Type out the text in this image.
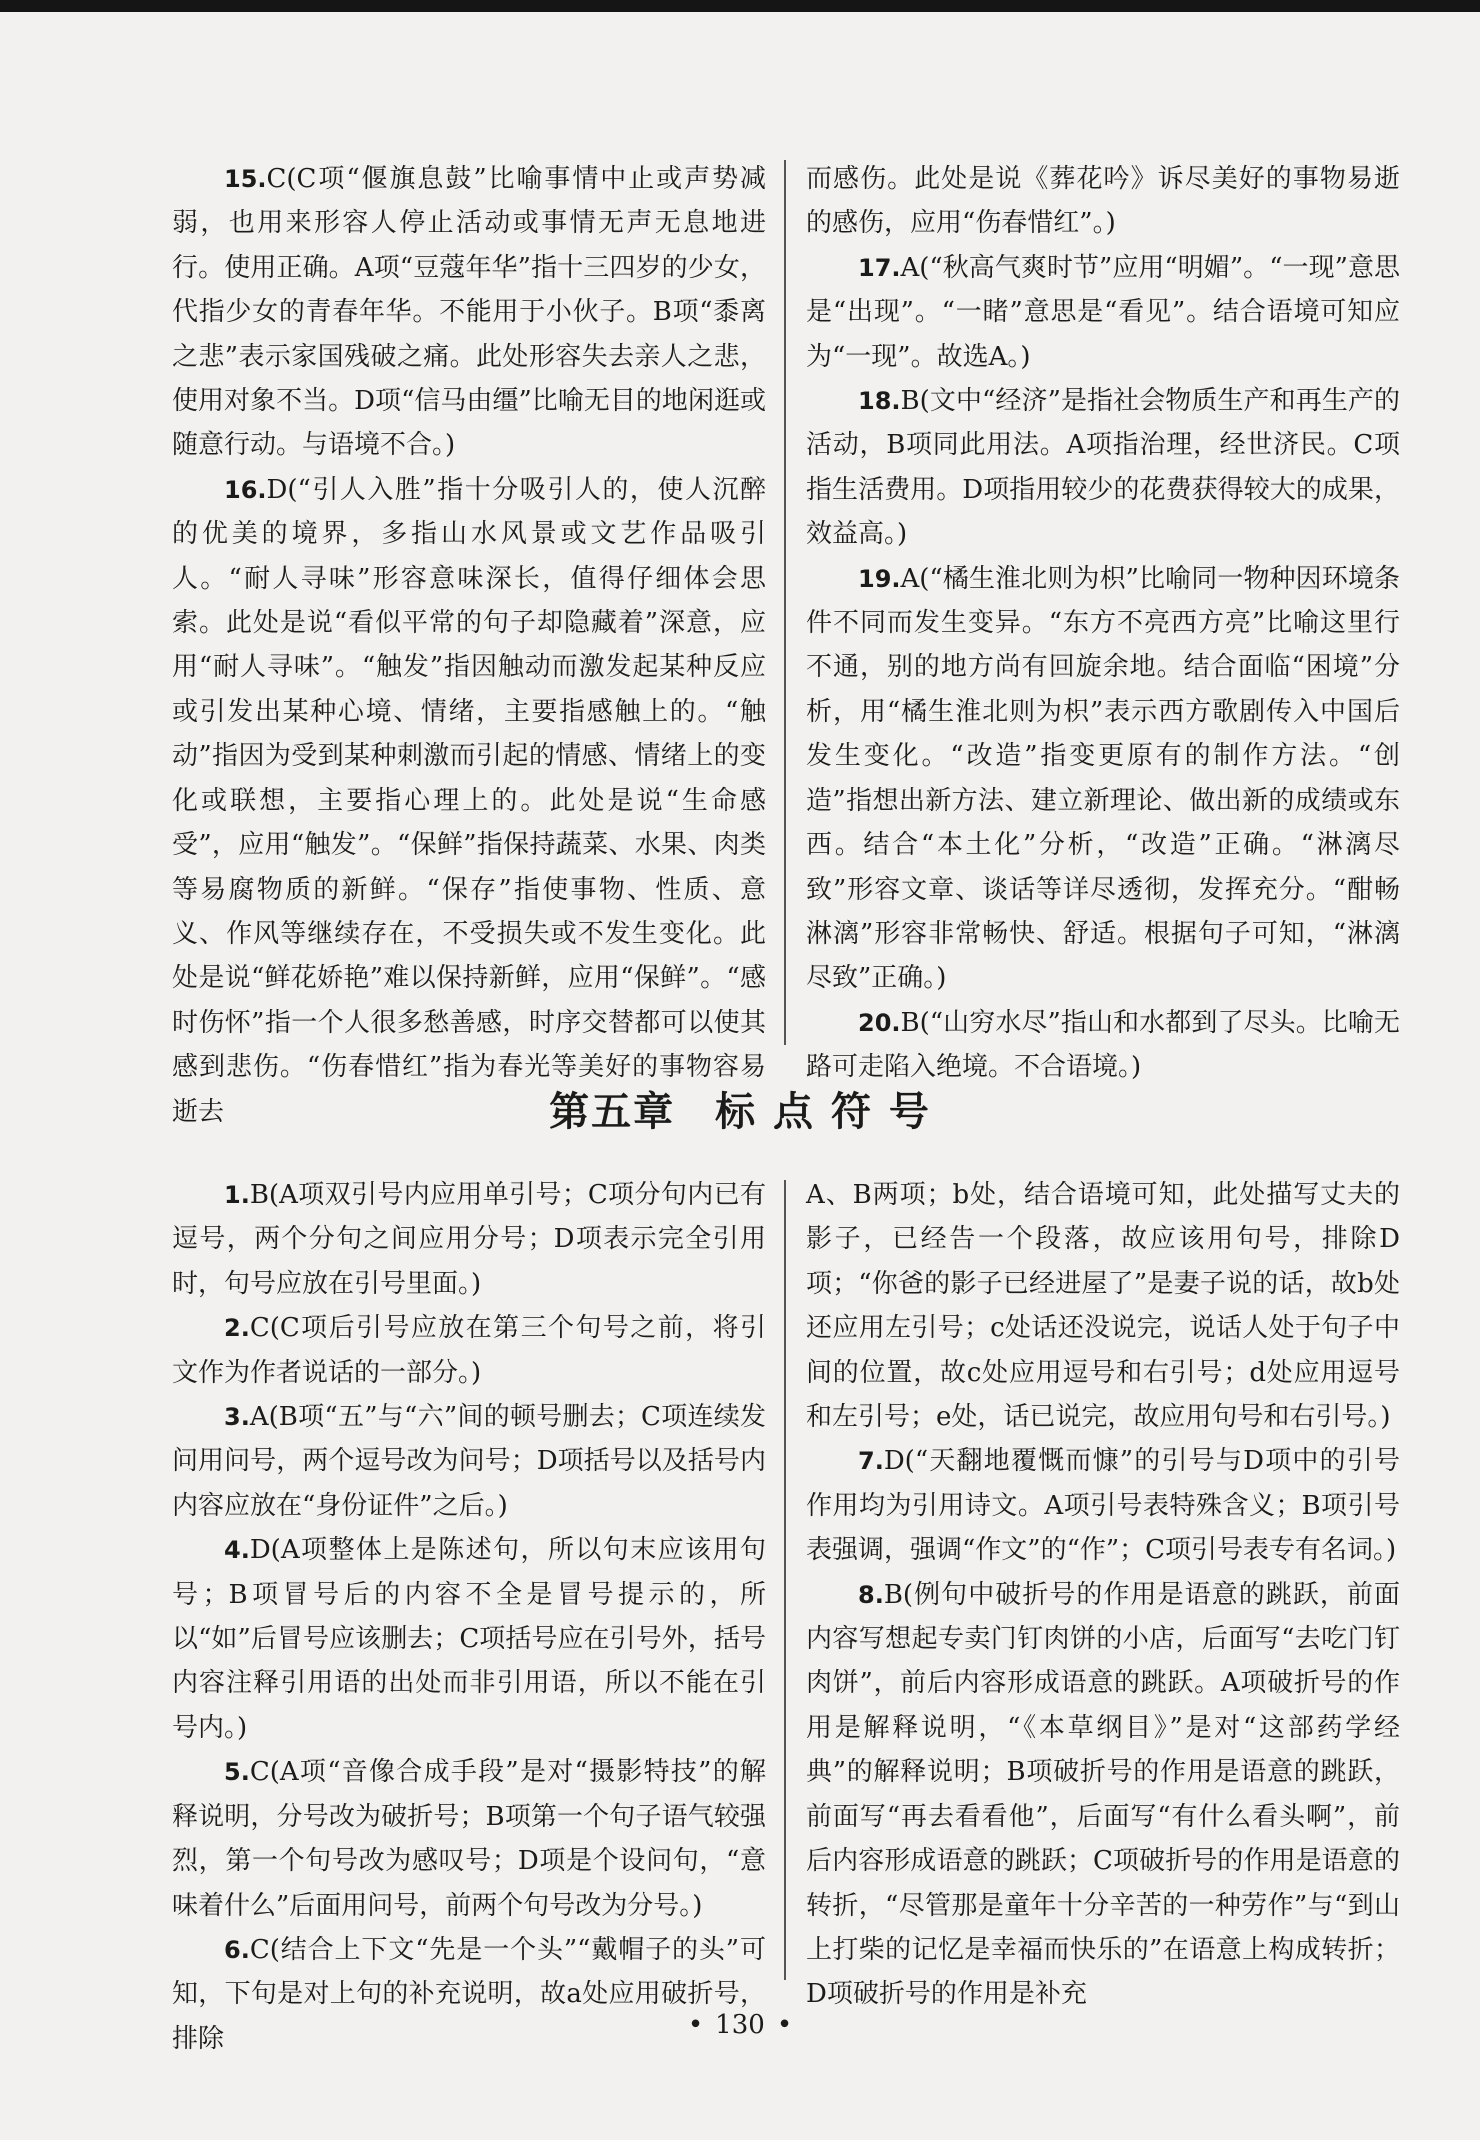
15.C(C项“偃旗息鼓”比喻事情中止或声势减弱，也用来形容人停止活动或事情无声无息地进行。使用正确。A项“豆蔻年华”指十三四岁的少女，代指少女的青春年华。不能用于小伙子。B项“黍离之悲”表示家国残破之痛。此处形容失去亲人之悲，使用对象不当。D项“信马由缰”比喻无目的地闲逛或随意行动。与语境不合。)

16.D(“引人入胜”指十分吸引人的，使人沉醉的优美的境界，多指山水风景或文艺作品吸引人。“耐人寻味”形容意味深长，值得仔细体会思索。此处是说“看似平常的句子却隐藏着”深意，应用“耐人寻味”。“触发”指因触动而激发起某种反应或引发出某种心境、情绪，主要指感触上的。“触动”指因为受到某种刺激而引起的情感、情绪上的变化或联想，主要指心理上的。此处是说“生命感受”，应用“触发”。“保鲜”指保持蔬菜、水果、肉类等易腐物质的新鲜。“保存”指使事物、性质、意义、作风等继续存在，不受损失或不发生变化。此处是说“鲜花娇艳”难以保持新鲜，应用“保鲜”。“感时伤怀”指一个人很多愁善感，时序交替都可以使其感到悲伤。“伤春惜红”指为春光等美好的事物容易逝去

而感伤。此处是说《葬花吟》诉尽美好的事物易逝的感伤，应用“伤春惜红”。)

17.A(“秋高气爽时节”应用“明媚”。“一现”意思是“出现”。“一睹”意思是“看见”。结合语境可知应为“一现”。故选A。)

18.B(文中“经济”是指社会物质生产和再生产的活动，B项同此用法。A项指治理，经世济民。C项指生活费用。D项指用较少的花费获得较大的成果，效益高。)

19.A(“橘生淮北则为枳”比喻同一物种因环境条件不同而发生变异。“东方不亮西方亮”比喻这里行不通，别的地方尚有回旋余地。结合面临“困境”分析，用“橘生淮北则为枳”表示西方歌剧传入中国后发生变化。“改造”指变更原有的制作方法。“创造”指想出新方法、建立新理论、做出新的成绩或东西。结合“本土化”分析，“改造”正确。“淋漓尽致”形容文章、谈话等详尽透彻，发挥充分。“酣畅淋漓”形容非常畅快、舒适。根据句子可知，“淋漓尽致”正确。)

20.B(“山穷水尽”指山和水都到了尽头。比喻无路可走陷入绝境。不合语境。)

第五章 标 点 符 号

1.B(A项双引号内应用单引号；C项分句内已有逗号，两个分句之间应用分号；D项表示完全引用时，句号应放在引号里面。)

2.C(C项后引号应放在第三个句号之前，将引文作为作者说话的一部分。)

3.A(B项“五”与“六”间的顿号删去；C项连续发问用问号，两个逗号改为问号；D项括号以及括号内内容应放在“身份证件”之后。)

4.D(A项整体上是陈述句，所以句末应该用句号；B项冒号后的内容不全是冒号提示的，所以“如”后冒号应该删去；C项括号应在引号外，括号内容注释引用语的出处而非引用语，所以不能在引号内。)

5.C(A项“音像合成手段”是对“摄影特技”的解释说明，分号改为破折号；B项第一个句子语气较强烈，第一个句号改为感叹号；D项是个设问句，“意味着什么”后面用问号，前两个句号改为分号。)

6.C(结合上下文“先是一个头”“戴帽子的头”可知，下句是对上句的补充说明，故a处应用破折号，排除

A、B两项；b处，结合语境可知，此处描写丈夫的影子，已经告一个段落，故应该用句号，排除D项；“你爸的影子已经进屋了”是妻子说的话，故b处还应用左引号；c处话还没说完，说话人处于句子中间的位置，故c处应用逗号和右引号；d处应用逗号和左引号；e处，话已说完，故应用句号和右引号。)

7.D(“天翻地覆慨而慷”的引号与D项中的引号作用均为引用诗文。A项引号表特殊含义；B项引号表强调，强调“作文”的“作”；C项引号表专有名词。)

8.B(例句中破折号的作用是语意的跳跃，前面内容写想起专卖门钉肉饼的小店，后面写“去吃门钉肉饼”，前后内容形成语意的跳跃。A项破折号的作用是解释说明，“《本草纲目》”是对“这部药学经典”的解释说明；B项破折号的作用是语意的跳跃，前面写“再去看看他”，后面写“有什么看头啊”，前后内容形成语意的跳跃；C项破折号的作用是语意的转折，“尽管那是童年十分辛苦的一种劳作”与“到山上打柴的记忆是幸福而快乐的”在语意上构成转折；D项破折号的作用是补充

• 130 •
